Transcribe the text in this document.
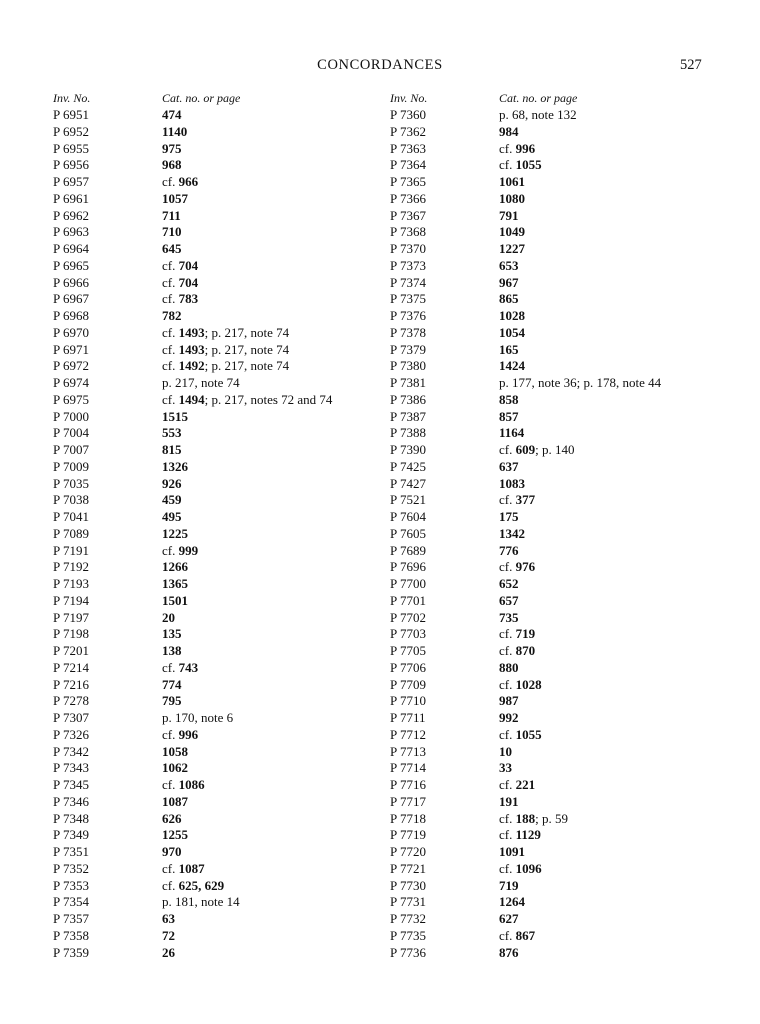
CONCORDANCES	527
Inv. No.	Cat. no. or page
P 6951	474
P 6952	1140
P 6955	975
P 6956	968
P 6957	cf. 966
P 6961	1057
P 6962	711
P 6963	710
P 6964	645
P 6965	cf. 704
P 6966	cf. 704
P 6967	cf. 783
P 6968	782
P 6970	cf. 1493; p. 217, note 74
P 6971	cf. 1493; p. 217, note 74
P 6972	cf. 1492; p. 217, note 74
P 6974	p. 217, note 74
P 6975	cf. 1494; p. 217, notes 72 and 74
P 7000	1515
P 7004	553
P 7007	815
P 7009	1326
P 7035	926
P 7038	459
P 7041	495
P 7089	1225
P 7191	cf. 999
P 7192	1266
P 7193	1365
P 7194	1501
P 7197	20
P 7198	135
P 7201	138
P 7214	cf. 743
P 7216	774
P 7278	795
P 7307	p. 170, note 6
P 7326	cf. 996
P 7342	1058
P 7343	1062
P 7345	cf. 1086
P 7346	1087
P 7348	626
P 7349	1255
P 7351	970
P 7352	cf. 1087
P 7353	cf. 625, 629
P 7354	p. 181, note 14
P 7357	63
P 7358	72
P 7359	26
Inv. No.	Cat. no. or page
P 7360	p. 68, note 132
P 7362	984
P 7363	cf. 996
P 7364	cf. 1055
P 7365	1061
P 7366	1080
P 7367	791
P 7368	1049
P 7370	1227
P 7373	653
P 7374	967
P 7375	865
P 7376	1028
P 7378	1054
P 7379	165
P 7380	1424
P 7381	p. 177, note 36; p. 178, note 44
P 7386	858
P 7387	857
P 7388	1164
P 7390	cf. 609; p. 140
P 7425	637
P 7427	1083
P 7521	cf. 377
P 7604	175
P 7605	1342
P 7689	776
P 7696	cf. 976
P 7700	652
P 7701	657
P 7702	735
P 7703	cf. 719
P 7705	cf. 870
P 7706	880
P 7709	cf. 1028
P 7710	987
P 7711	992
P 7712	cf. 1055
P 7713	10
P 7714	33
P 7716	cf. 221
P 7717	191
P 7718	cf. 188; p. 59
P 7719	cf. 1129
P 7720	1091
P 7721	cf. 1096
P 7730	719
P 7731	1264
P 7732	627
P 7735	cf. 867
P 7736	876
